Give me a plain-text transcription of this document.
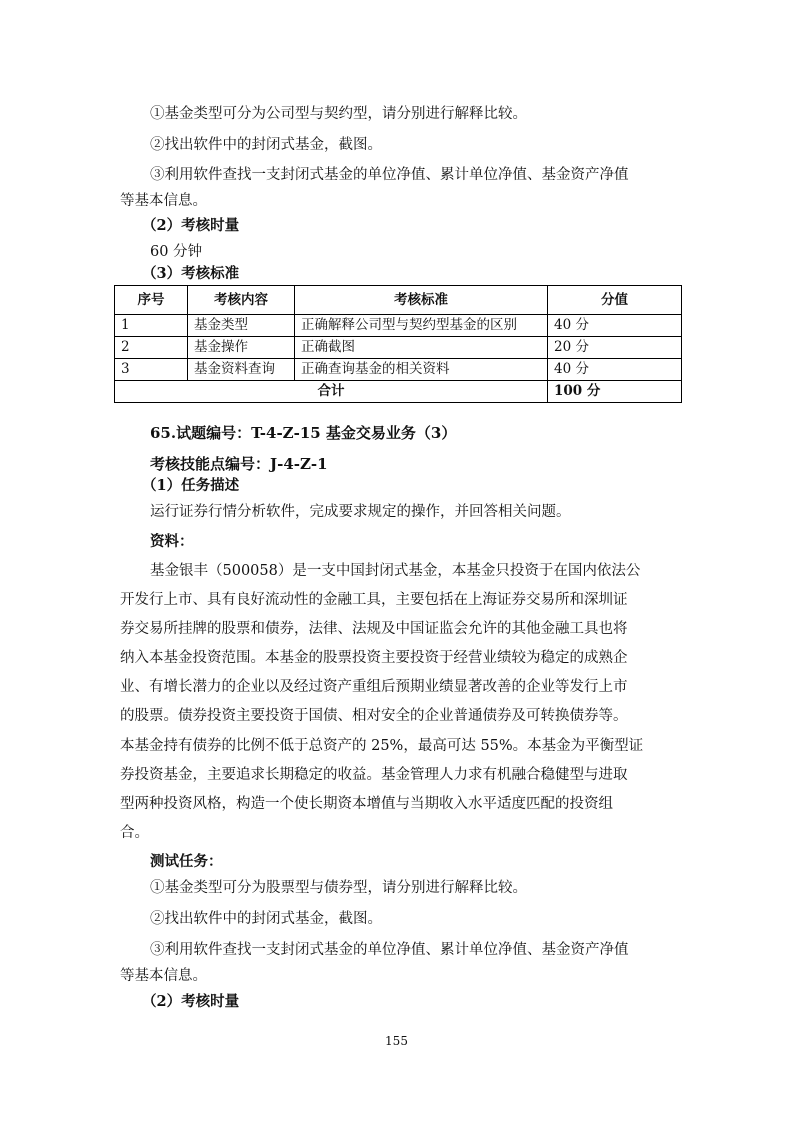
①基金类型可分为公司型与契约型，请分别进行解释比较。
②找出软件中的封闭式基金，截图。
③利用软件查找一支封闭式基金的单位净值、累计单位净值、基金资产净值
等基本信息。
（2）考核时量
60 分钟
（3）考核标准
序号	考核内容	考核标准	分值
1	基金类型	正确解释公司型与契约型基金的区别	40 分
2	基金操作	正确截图	20 分
3	基金资料查询	正确查询基金的相关资料	40 分
合计			100 分
65.试题编号：T-4-Z-15 基金交易业务（3）
考核技能点编号：J-4-Z-1
（1）任务描述
运行证券行情分析软件，完成要求规定的操作，并回答相关问题。
资料：
基金银丰（500058）是一支中国封闭式基金，本基金只投资于在国内依法公
开发行上市、具有良好流动性的金融工具，主要包括在上海证券交易所和深圳证
券交易所挂牌的股票和债券，法律、法规及中国证监会允许的其他金融工具也将
纳入本基金投资范围。本基金的股票投资主要投资于经营业绩较为稳定的成熟企
业、有增长潜力的企业以及经过资产重组后预期业绩显著改善的企业等发行上市
的股票。债券投资主要投资于国债、相对安全的企业普通债券及可转换债券等。
本基金持有债券的比例不低于总资产的 25%，最高可达 55%。本基金为平衡型证
券投资基金，主要追求长期稳定的收益。基金管理人力求有机融合稳健型与进取
型两种投资风格，构造一个使长期资本增值与当期收入水平适度匹配的投资组
合。
测试任务：
①基金类型可分为股票型与债券型，请分别进行解释比较。
②找出软件中的封闭式基金，截图。
③利用软件查找一支封闭式基金的单位净值、累计单位净值、基金资产净值
等基本信息。
（2）考核时量
155
